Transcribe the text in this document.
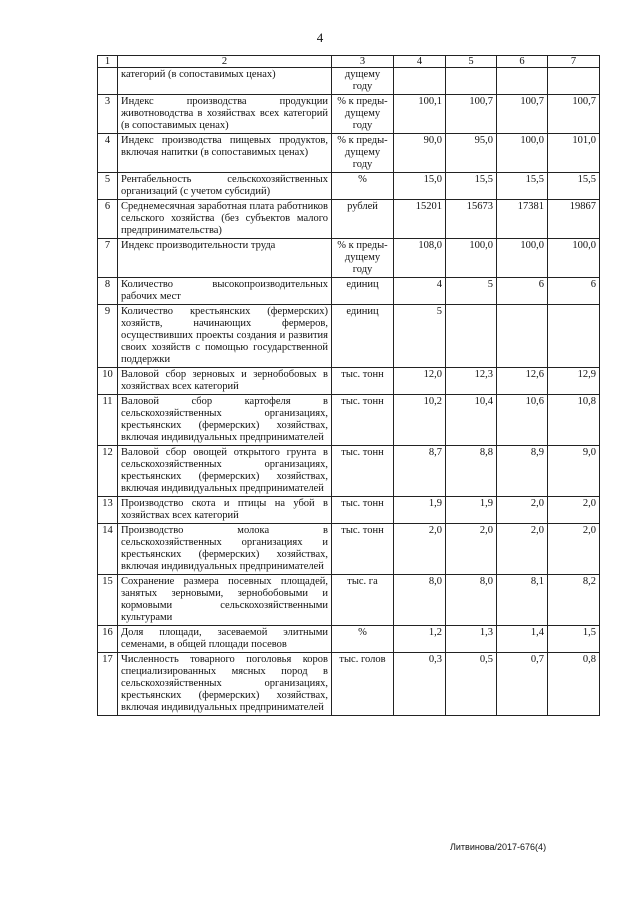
4
1	2	3	4	5	6	7
	категорий (в сопоставимых ценах)	дущему году				
3	Индекс производства продукции животноводства в хозяйствах всех категорий (в сопоставимых ценах)	% к преды-дущему году	100,1	100,7	100,7	100,7
4	Индекс производства пищевых продуктов, включая напитки (в сопоставимых ценах)	% к преды-дущему году	90,0	95,0	100,0	101,0
5	Рентабельность сельскохозяйственных организаций (с учетом субсидий)	%	15,0	15,5	15,5	15,5
6	Среднемесячная заработная плата работников сельского хозяйства (без субъектов малого предпринимательства)	рублей	15201	15673	17381	19867
7	Индекс производительности труда	% к преды-дущему году	108,0	100,0	100,0	100,0
8	Количество высокопроизводительных рабочих мест	единиц	4	5	6	6
9	Количество крестьянских (фермерских) хозяйств, начинающих фермеров, осуществивших проекты создания и развития своих хозяйств с помощью государственной поддержки	единиц	5			
10	Валовой сбор зерновых и зернобобовых в хозяйствах всех категорий	тыс. тонн	12,0	12,3	12,6	12,9
11	Валовой сбор картофеля в сельскохозяйственных организациях, крестьянских (фермерских) хозяйствах, включая индивидуальных предпринимателей	тыс. тонн	10,2	10,4	10,6	10,8
12	Валовой сбор овощей открытого грунта в сельскохозяйственных организациях, крестьянских (фермерских) хозяйствах, включая индивидуальных предпринимателей	тыс. тонн	8,7	8,8	8,9	9,0
13	Производство скота и птицы на убой в хозяйствах всех категорий	тыс. тонн	1,9	1,9	2,0	2,0
14	Производство молока в сельскохозяйственных организациях и крестьянских (фермерских) хозяйствах, включая индивидуальных предпринимателей	тыс. тонн	2,0	2,0	2,0	2,0
15	Сохранение размера посевных площадей, занятых зерновыми, зернобобовыми и кормовыми сельскохозяйственными культурами	тыс. га	8,0	8,0	8,1	8,2
16	Доля площади, засеваемой элитными семенами, в общей площади посевов	%	1,2	1,3	1,4	1,5
17	Численность товарного поголовья коров специализированных мясных пород в сельскохозяйственных организациях, крестьянских (фермерских) хозяйствах, включая индивидуальных предпринимателей	тыс. голов	0,3	0,5	0,7	0,8
Литвинова/2017-676(4)
